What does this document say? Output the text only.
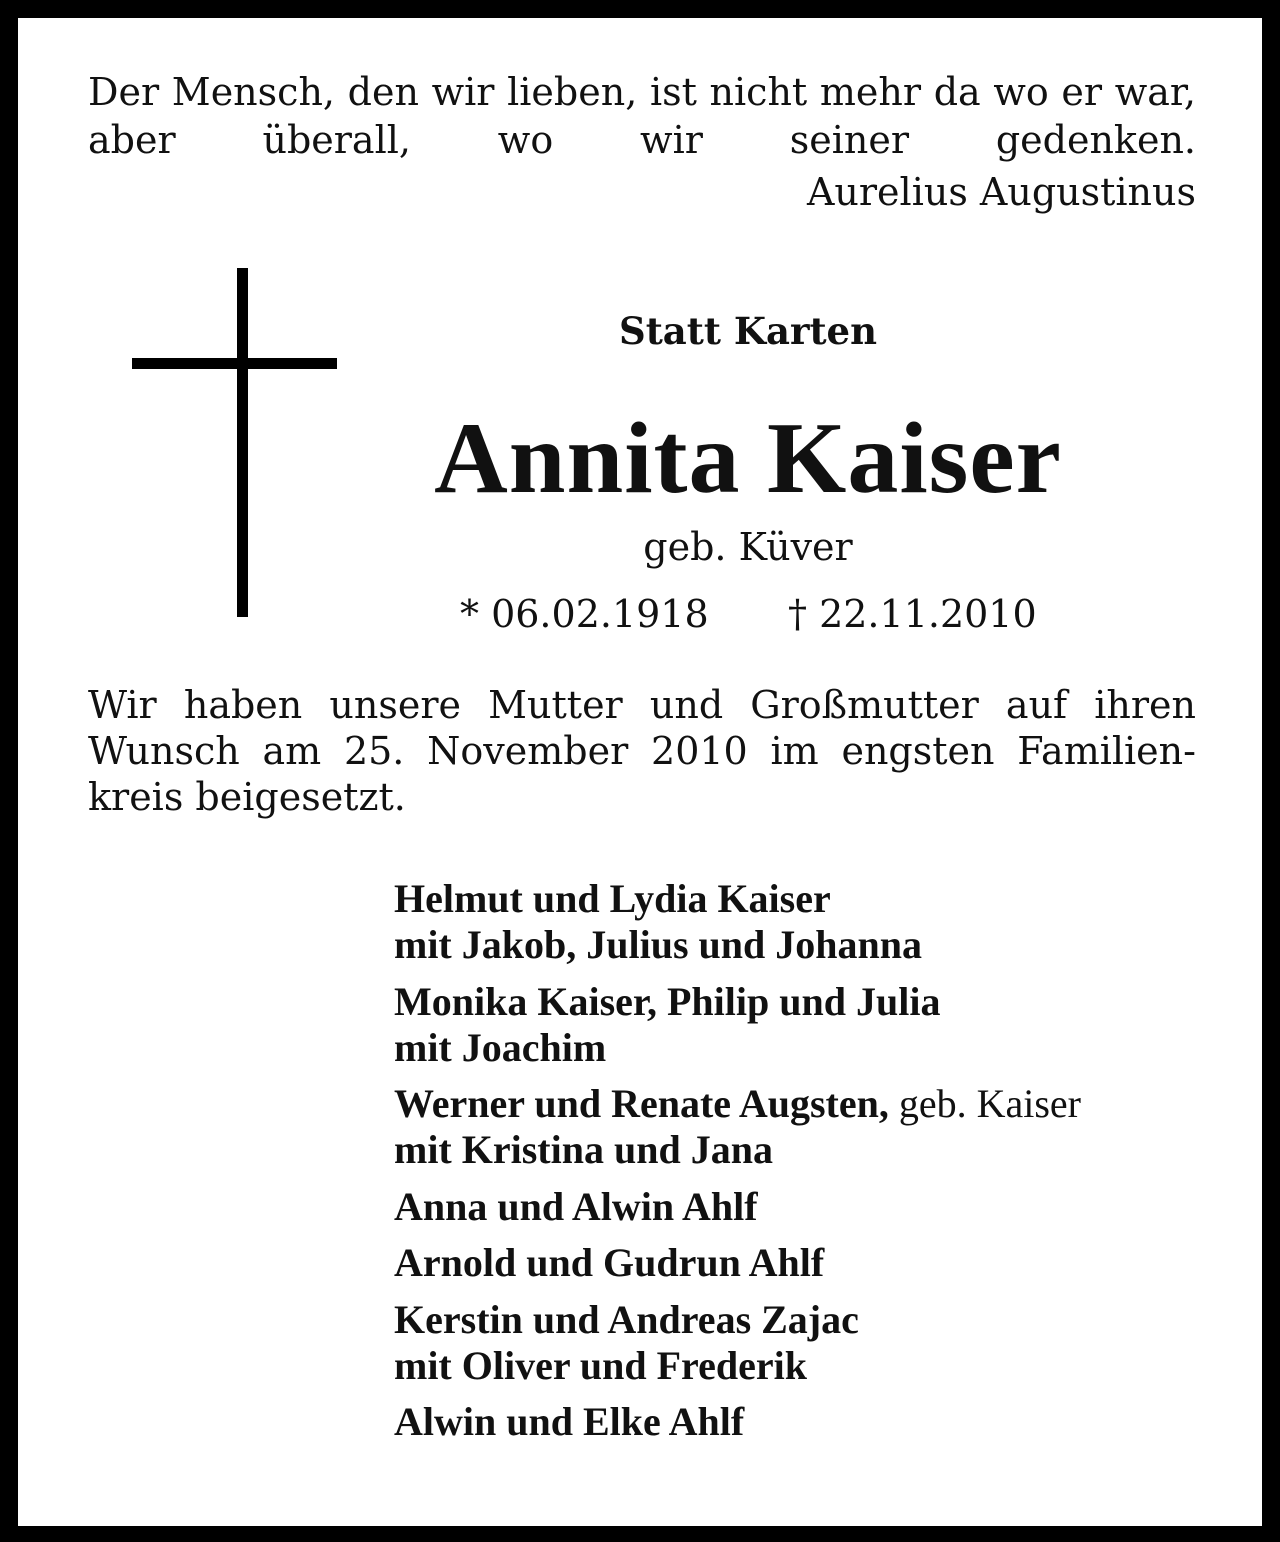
Der Mensch, den wir lieben, ist nicht mehr da wo er war, aber überall, wo wir seiner gedenken.

Aurelius Augustinus
Statt Karten
Annita Kaiser
geb. Küver
* 06.02.1918 † 22.11.2010

Wir haben unsere Mutter und Großmutter auf ihren Wunsch am 25. November 2010 im engsten Familien-kreis beigesetzt.

Helmut und Lydia Kaiser
mit Jakob, Julius und Johanna
Monika Kaiser, Philip und Julia
mit Joachim
Werner und Renate Augsten, geb. Kaiser
mit Kristina und Jana
Anna und Alwin Ahlf
Arnold und Gudrun Ahlf
Kerstin und Andreas Zajac
mit Oliver und Frederik
Alwin und Elke Ahlf
